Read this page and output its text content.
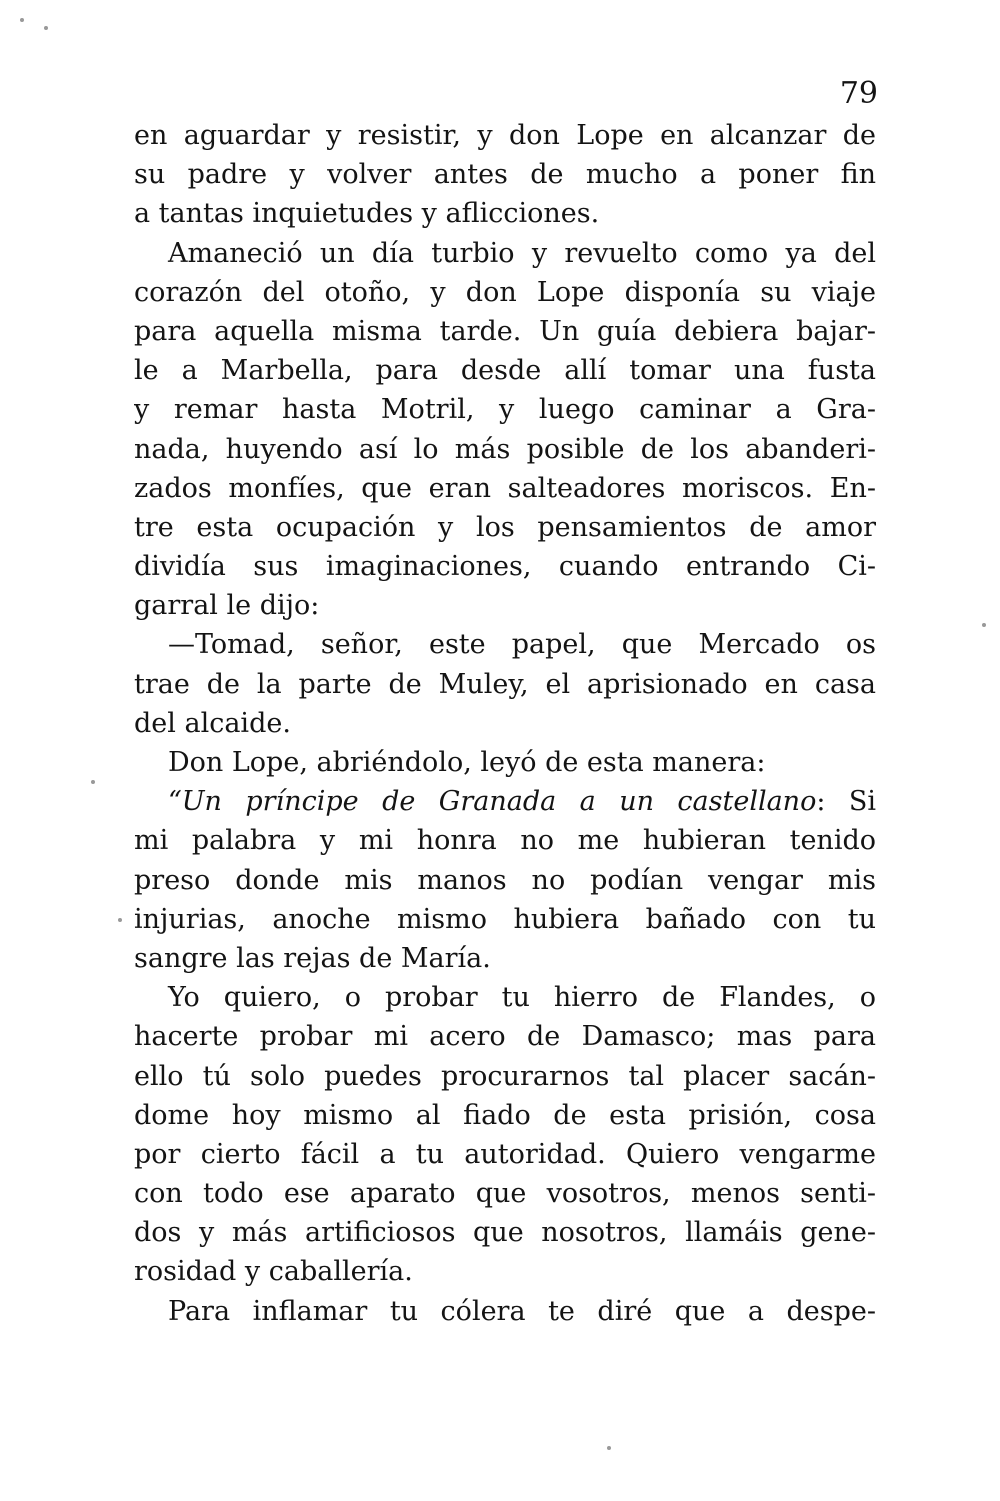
79
en aguardar y resistir, y don Lope en alcanzar de
su padre y volver antes de mucho a poner fin
a tantas inquietudes y aflicciones.
Amaneció un día turbio y revuelto como ya del
corazón del otoño, y don Lope disponía su viaje
para aquella misma tarde. Un guía debiera bajar-
le a Marbella, para desde allí tomar una fusta
y remar hasta Motril, y luego caminar a Gra-
nada, huyendo así lo más posible de los abanderi-
zados monfíes, que eran salteadores moriscos. En-
tre esta ocupación y los pensamientos de amor
dividía sus imaginaciones, cuando entrando Ci-
garral le dijo:
—Tomad, señor, este papel, que Mercado os
trae de la parte de Muley, el aprisionado en casa
del alcaide.
Don Lope, abriéndolo, leyó de esta manera:
“Un príncipe de Granada a un castellano: Si
mi palabra y mi honra no me hubieran tenido
preso donde mis manos no podían vengar mis
injurias, anoche mismo hubiera bañado con tu
sangre las rejas de María.
Yo quiero, o probar tu hierro de Flandes, o
hacerte probar mi acero de Damasco; mas para
ello tú solo puedes procurarnos tal placer sacán-
dome hoy mismo al fiado de esta prisión, cosa
por cierto fácil a tu autoridad. Quiero vengarme
con todo ese aparato que vosotros, menos senti-
dos y más artificiosos que nosotros, llamáis gene-
rosidad y caballería.
Para inflamar tu cólera te diré que a despe-
